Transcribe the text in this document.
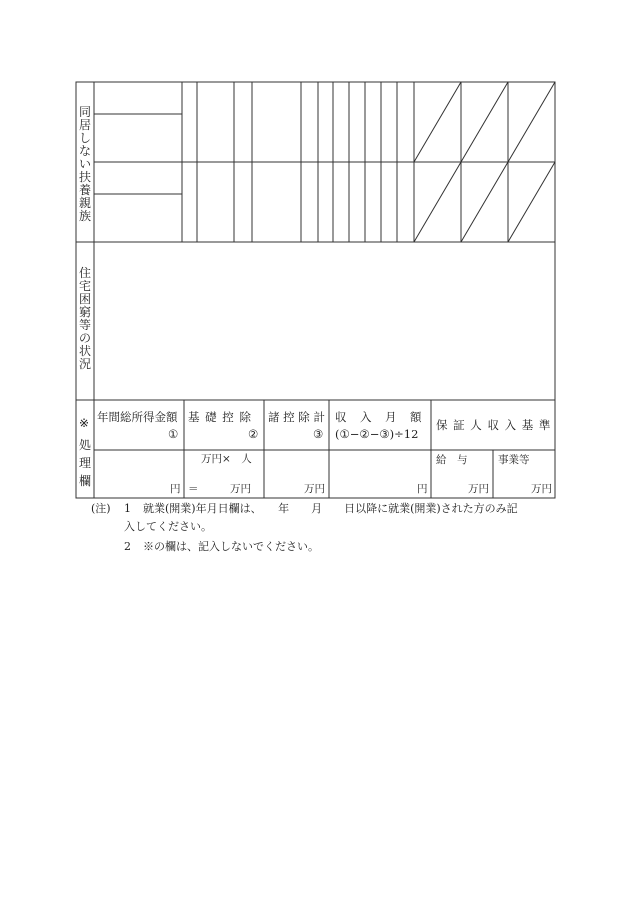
同
居
し
な
い
扶
養
親
族
住
宅
困
窮
等
の
状
況
※
処
理
欄
年間総所得金額
①
基 礎 控 除
②
諸 控 除 計
③
収　入　月　額
(①−②−③)÷12
保 証 人 収 入 基 準
円
万円×　人
＝　　　万円	万円	円
給　与
万円
事業等
万円
(注) 1 就業(開業)年月日欄は、　　年　　月　　日以降に就業(開業)された方のみ記
入してください。
2 ※の欄は、記入しないでください。
